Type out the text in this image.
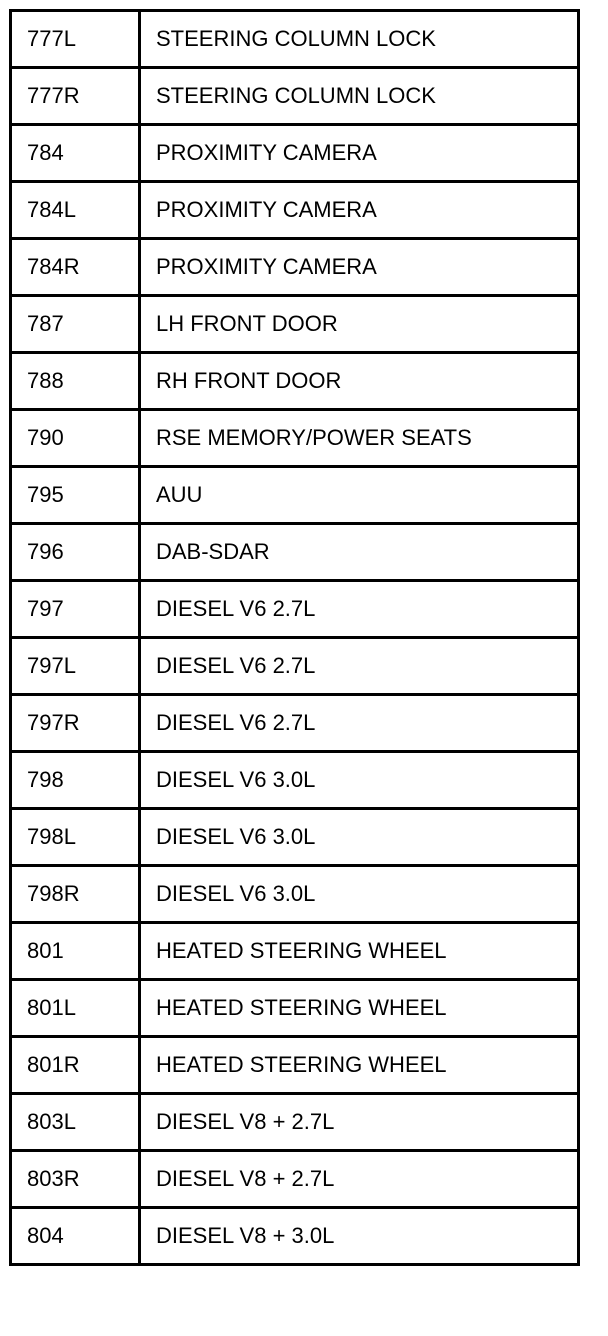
777L	STEERING COLUMN LOCK
777R	STEERING COLUMN LOCK
784	PROXIMITY CAMERA
784L	PROXIMITY CAMERA
784R	PROXIMITY CAMERA
787	LH FRONT DOOR
788	RH FRONT DOOR
790	RSE MEMORY/POWER SEATS
795	AUU
796	DAB-SDAR
797	DIESEL V6 2.7L
797L	DIESEL V6 2.7L
797R	DIESEL V6 2.7L
798	DIESEL V6 3.0L
798L	DIESEL V6 3.0L
798R	DIESEL V6 3.0L
801	HEATED STEERING WHEEL
801L	HEATED STEERING WHEEL
801R	HEATED STEERING WHEEL
803L	DIESEL V8 + 2.7L
803R	DIESEL V8 + 2.7L
804	DIESEL V8 + 3.0L
